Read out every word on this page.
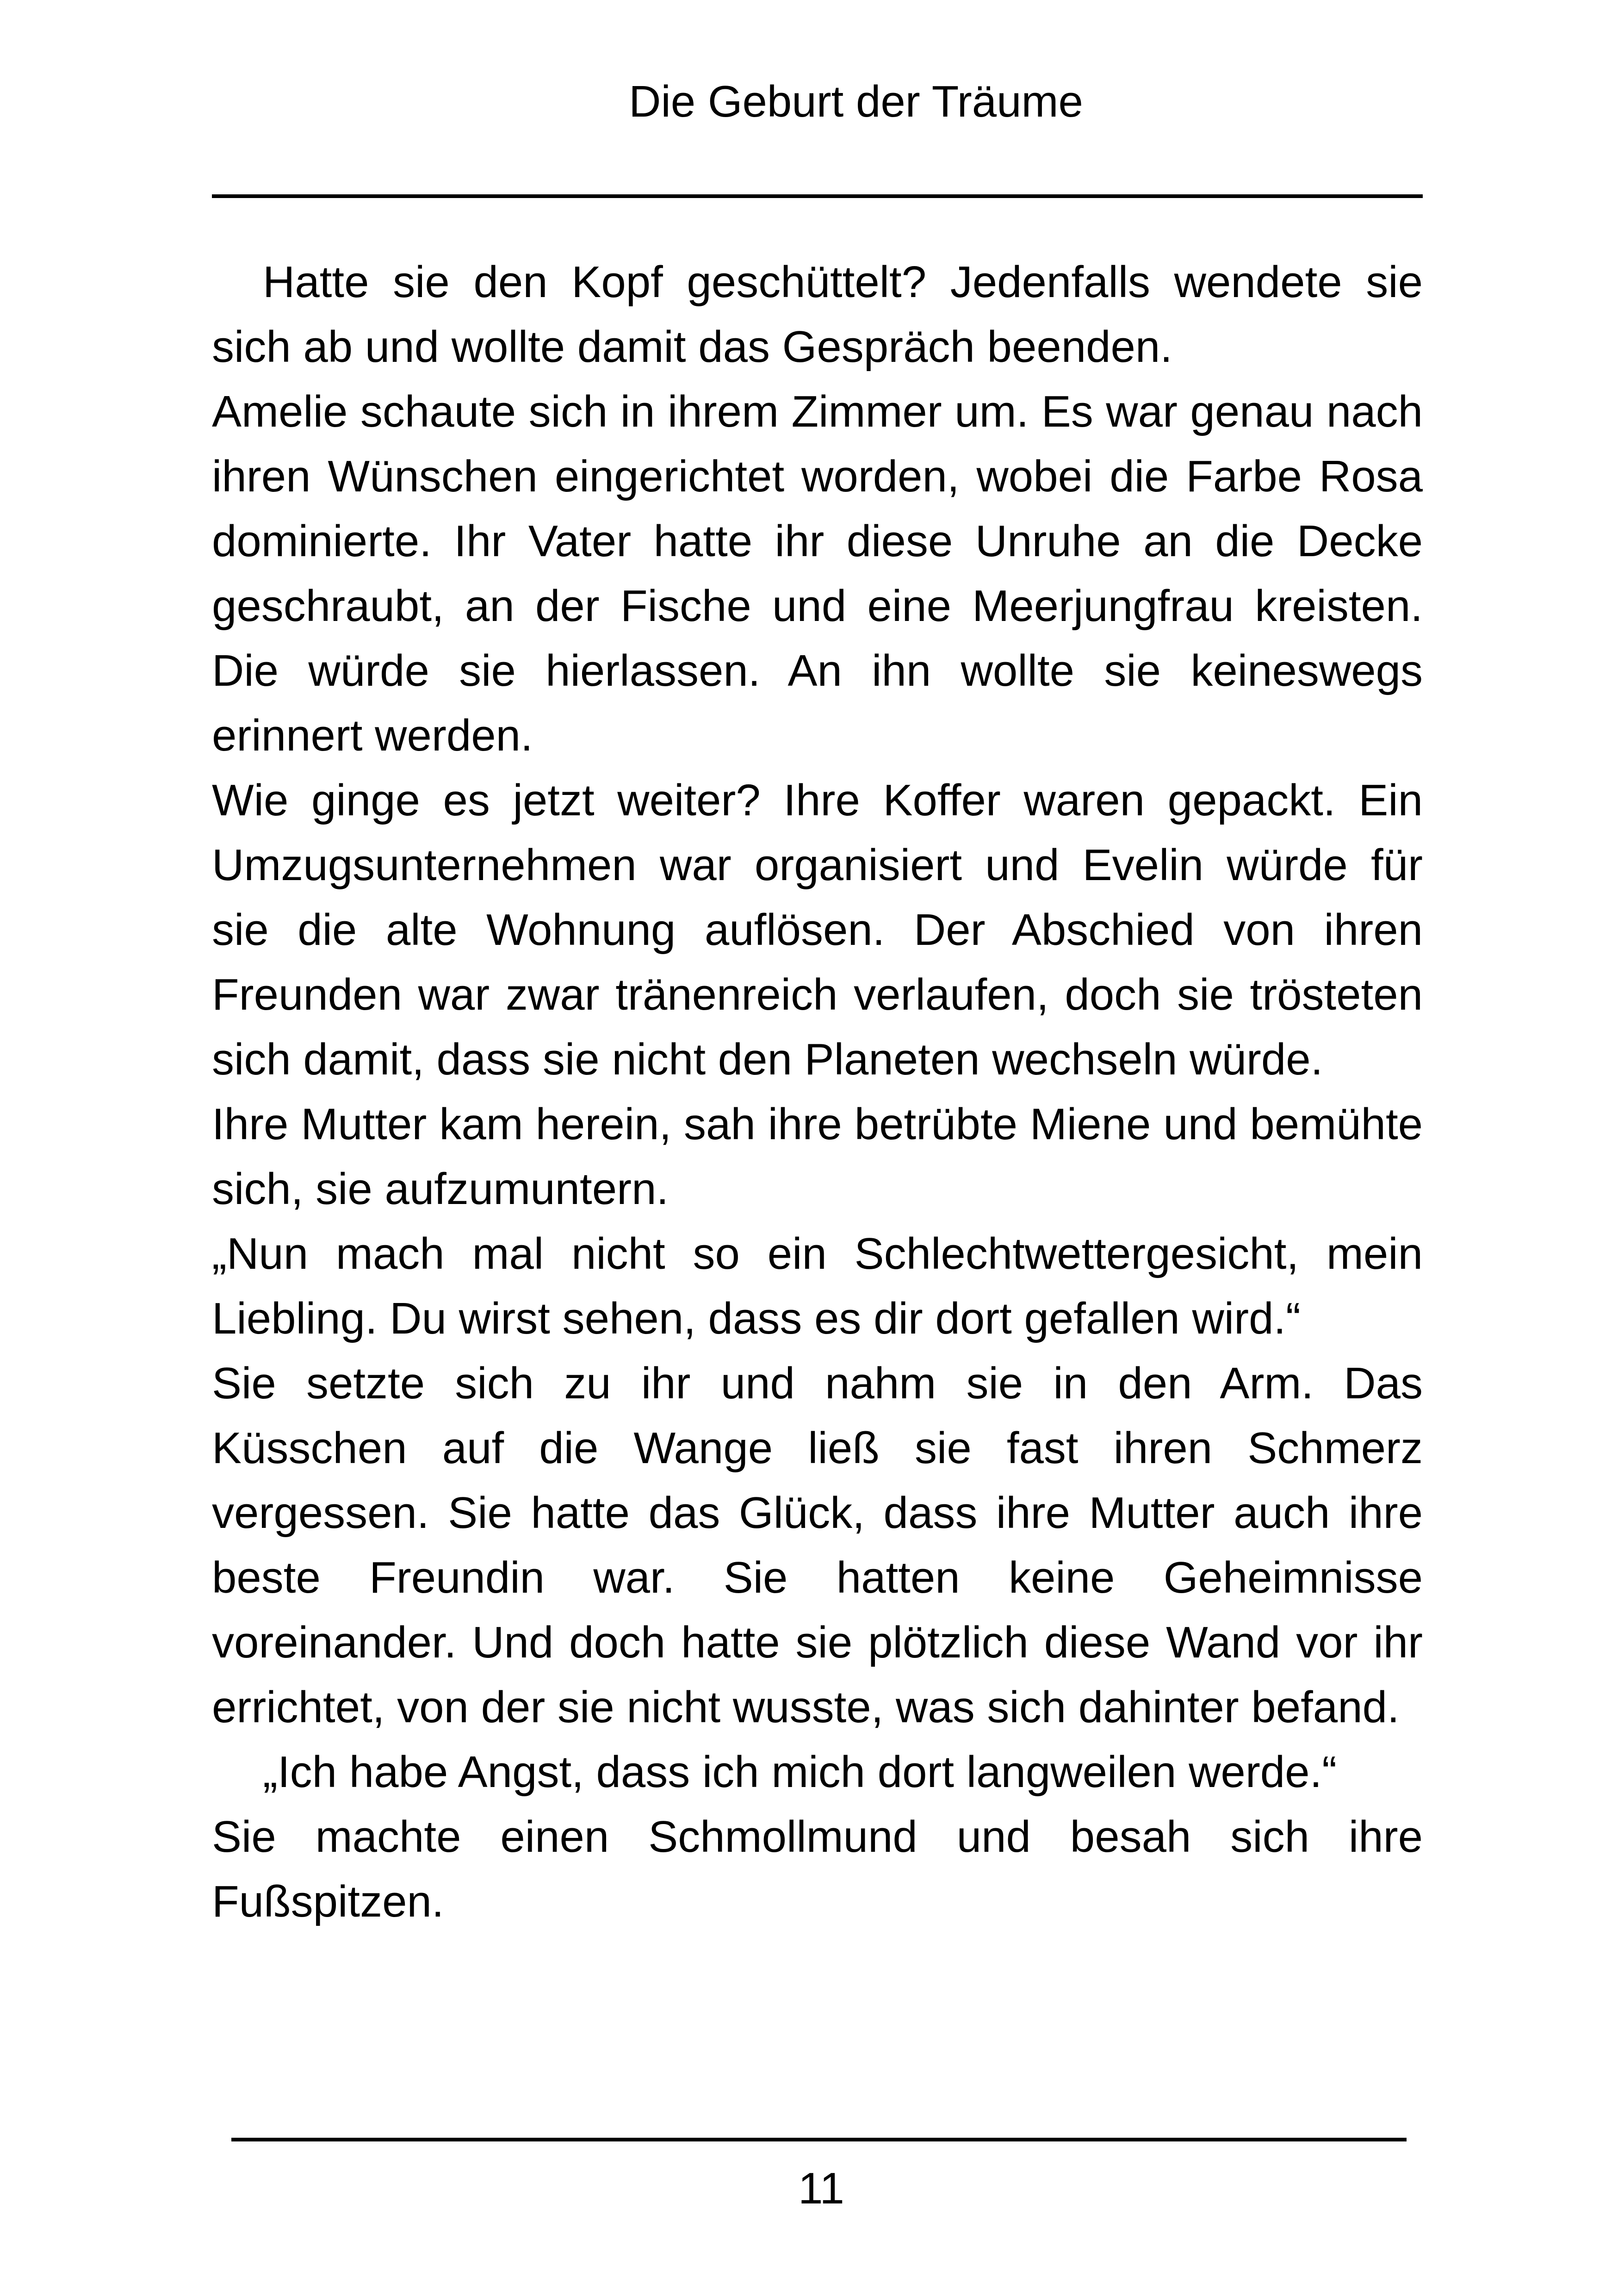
Die Geburt der Träume

Hatte sie den Kopf geschüttelt? Jedenfalls wendete sie sich ab und wollte damit das Gespräch beenden.

Amelie schaute sich in ihrem Zimmer um. Es war genau nach ihren Wünschen eingerichtet worden, wobei die Farbe Rosa dominierte. Ihr Vater hatte ihr diese Unruhe an die Decke geschraubt, an der Fische und eine Meerjungfrau kreisten. Die würde sie hierlassen. An ihn wollte sie keineswegs erinnert werden.

Wie ginge es jetzt weiter? Ihre Koffer waren gepackt. Ein Umzugsunternehmen war organisiert und Evelin würde für sie die alte Wohnung auflösen. Der Abschied von ihren Freunden war zwar tränenreich verlaufen, doch sie trösteten sich damit, dass sie nicht den Planeten wechseln würde.

Ihre Mutter kam herein, sah ihre betrübte Miene und bemühte sich, sie aufzumuntern.

„Nun mach mal nicht so ein Schlechtwettergesicht, mein Liebling. Du wirst sehen, dass es dir dort gefallen wird.“

Sie setzte sich zu ihr und nahm sie in den Arm. Das Küsschen auf die Wange ließ sie fast ihren Schmerz vergessen. Sie hatte das Glück, dass ihre Mutter auch ihre beste Freundin war. Sie hatten keine Geheimnisse voreinander. Und doch hatte sie plötzlich diese Wand vor ihr errichtet, von der sie nicht wusste, was sich dahinter befand.

„Ich habe Angst, dass ich mich dort langweilen werde.“

Sie machte einen Schmollmund und besah sich ihre Fußspitzen.

11
